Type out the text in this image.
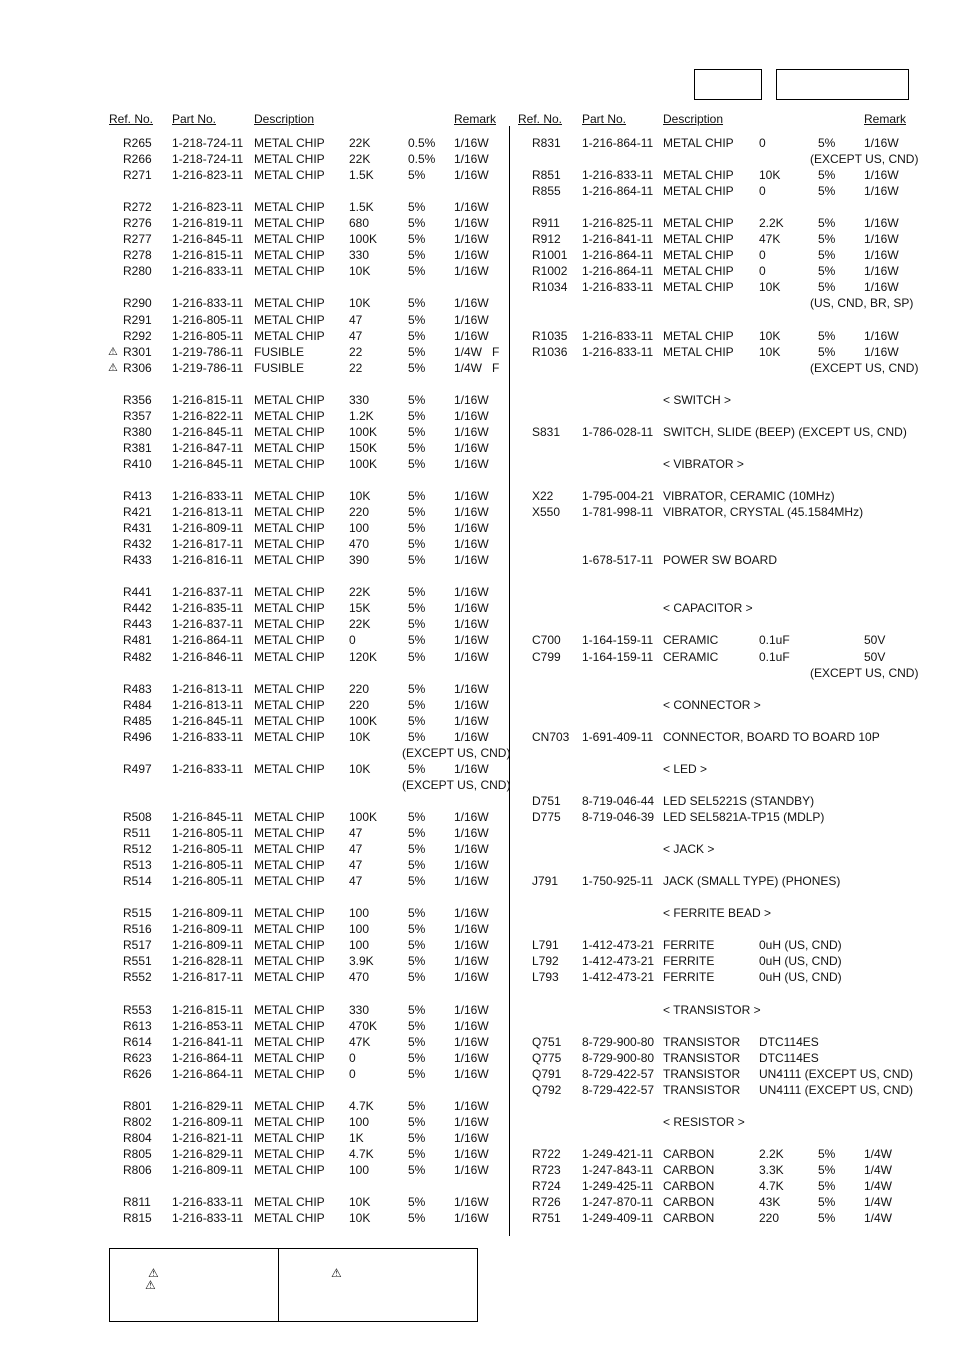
Ref. No. Part No.	Description	Remark Ref. No. Part No.	Description	Remark
R265 1-218-724-11 METAL CHIP 22K	0.5% 1/16W
R266 1-218-724-11 METAL CHIP 22K	0.5% 1/16W
R271 1-216-823-11 METAL CHIP 1.5K	5% 1/16W
R272 1-216-823-11 METAL CHIP 1.5K	5% 1/16W
R276 1-216-819-11 METAL CHIP 680	5% 1/16W
R277 1-216-845-11 METAL CHIP 100K	5% 1/16W
R278 1-216-815-11 METAL CHIP 330	5% 1/16W
R280 1-216-833-11 METAL CHIP 10K	5% 1/16W
R290 1-216-833-11 METAL CHIP 10K	5% 1/16W
R291 1-216-805-11 METAL CHIP 47	5% 1/16W
R292 1-216-805-11 METAL CHIP 47	5% 1/16W
⚠ R301 1-219-786-11 FUSIBLE	22	5% 1/4W F
⚠ R306 1-219-786-11 FUSIBLE	22	5% 1/4W F
R356 1-216-815-11 METAL CHIP 330	5% 1/16W
R357 1-216-822-11 METAL CHIP 1.2K	5% 1/16W
R380 1-216-845-11 METAL CHIP 100K	5% 1/16W
R381 1-216-847-11 METAL CHIP 150K	5% 1/16W
R410 1-216-845-11 METAL CHIP 100K	5% 1/16W
R413 1-216-833-11 METAL CHIP 10K	5% 1/16W
R421 1-216-813-11 METAL CHIP 220	5% 1/16W
R431 1-216-809-11 METAL CHIP 100	5% 1/16W
R432 1-216-817-11 METAL CHIP 470	5% 1/16W
R433 1-216-816-11 METAL CHIP 390	5% 1/16W
R441 1-216-837-11 METAL CHIP 22K	5% 1/16W
R442 1-216-835-11 METAL CHIP 15K	5% 1/16W
R443 1-216-837-11 METAL CHIP 22K	5% 1/16W
R481 1-216-864-11 METAL CHIP 0	5% 1/16W
R482 1-216-846-11 METAL CHIP 120K	5% 1/16W
R483 1-216-813-11 METAL CHIP 220	5% 1/16W
R484 1-216-813-11 METAL CHIP 220	5% 1/16W
R485 1-216-845-11 METAL CHIP 100K	5% 1/16W
R496 1-216-833-11 METAL CHIP 10K	5% 1/16W
(EXCEPT US, CND)
R497 1-216-833-11 METAL CHIP 10K	5% 1/16W
(EXCEPT US, CND)
R508 1-216-845-11 METAL CHIP 100K	5% 1/16W
R511 1-216-805-11 METAL CHIP 47	5% 1/16W
R512 1-216-805-11 METAL CHIP 47	5% 1/16W
R513 1-216-805-11 METAL CHIP 47	5% 1/16W
R514 1-216-805-11 METAL CHIP 47	5% 1/16W
R515 1-216-809-11 METAL CHIP 100	5% 1/16W
R516 1-216-809-11 METAL CHIP 100	5% 1/16W
R517 1-216-809-11 METAL CHIP 100	5% 1/16W
R551 1-216-828-11 METAL CHIP 3.9K	5% 1/16W
R552 1-216-817-11 METAL CHIP 470	5% 1/16W
R553 1-216-815-11 METAL CHIP 330	5% 1/16W
R613 1-216-853-11 METAL CHIP 470K	5% 1/16W
R614 1-216-841-11 METAL CHIP 47K	5% 1/16W
R623 1-216-864-11 METAL CHIP 0	5% 1/16W
R626 1-216-864-11 METAL CHIP 0	5% 1/16W
R801 1-216-829-11 METAL CHIP 4.7K	5% 1/16W
R802 1-216-809-11 METAL CHIP 100	5% 1/16W
R804 1-216-821-11 METAL CHIP 1K	5% 1/16W
R805 1-216-829-11 METAL CHIP 4.7K	5% 1/16W
R806 1-216-809-11 METAL CHIP 100	5% 1/16W
R811 1-216-833-11 METAL CHIP 10K	5% 1/16W
R815 1-216-833-11 METAL CHIP 10K	5% 1/16W
R831 1-216-864-11 METAL CHIP 0	5% 1/16W
(EXCEPT US, CND)
R851 1-216-833-11 METAL CHIP 10K	5% 1/16W
R855 1-216-864-11 METAL CHIP 0	5% 1/16W
R911 1-216-825-11 METAL CHIP 2.2K	5% 1/16W
R912 1-216-841-11 METAL CHIP 47K	5% 1/16W
R1001 1-216-864-11 METAL CHIP 0	5% 1/16W
R1002 1-216-864-11 METAL CHIP 0	5% 1/16W
R1034 1-216-833-11 METAL CHIP 10K	5% 1/16W
(US, CND, BR, SP)
R1035 1-216-833-11 METAL CHIP 10K	5% 1/16W
R1036 1-216-833-11 METAL CHIP 10K	5% 1/16W
(EXCEPT US, CND)
< SWITCH >
S831 1-786-028-11 SWITCH, SLIDE (BEEP) (EXCEPT US, CND)
< VIBRATOR >
X22 1-795-004-21 VIBRATOR, CERAMIC (10MHz)
X550 1-781-998-11 VIBRATOR, CRYSTAL (45.1584MHz)
1-678-517-11 POWER SW BOARD
< CAPACITOR >
C700 1-164-159-11 CERAMIC	0.1uF	50V
C799 1-164-159-11 CERAMIC	0.1uF	50V
(EXCEPT US, CND)
< CONNECTOR >
CN703 1-691-409-11 CONNECTOR, BOARD TO BOARD 10P
< LED >
D751 8-719-046-44 LED SEL5221S (STANDBY)
D775 8-719-046-39 LED SEL5821A-TP15 (MDLP)
< JACK >
J791 1-750-925-11 JACK (SMALL TYPE) (PHONES)
< FERRITE BEAD >
L791 1-412-473-21 FERRITE	0uH (US, CND)
L792 1-412-473-21 FERRITE	0uH (US, CND)
L793 1-412-473-21 FERRITE	0uH (US, CND)
< TRANSISTOR >
Q751 8-729-900-80 TRANSISTOR DTC114ES
Q775 8-729-900-80 TRANSISTOR DTC114ES
Q791 8-729-422-57 TRANSISTOR UN4111 (EXCEPT US, CND)
Q792 8-729-422-57 TRANSISTOR UN4111 (EXCEPT US, CND)
< RESISTOR >
R722 1-249-421-11 CARBON	2.2K	5% 1/4W
R723 1-247-843-11 CARBON	3.3K	5% 1/4W
R724 1-249-425-11 CARBON	4.7K	5% 1/4W
R726 1-247-870-11 CARBON	43K	5% 1/4W
R751 1-249-409-11 CARBON	220	5% 1/4W
⚠
⚠
⚠
